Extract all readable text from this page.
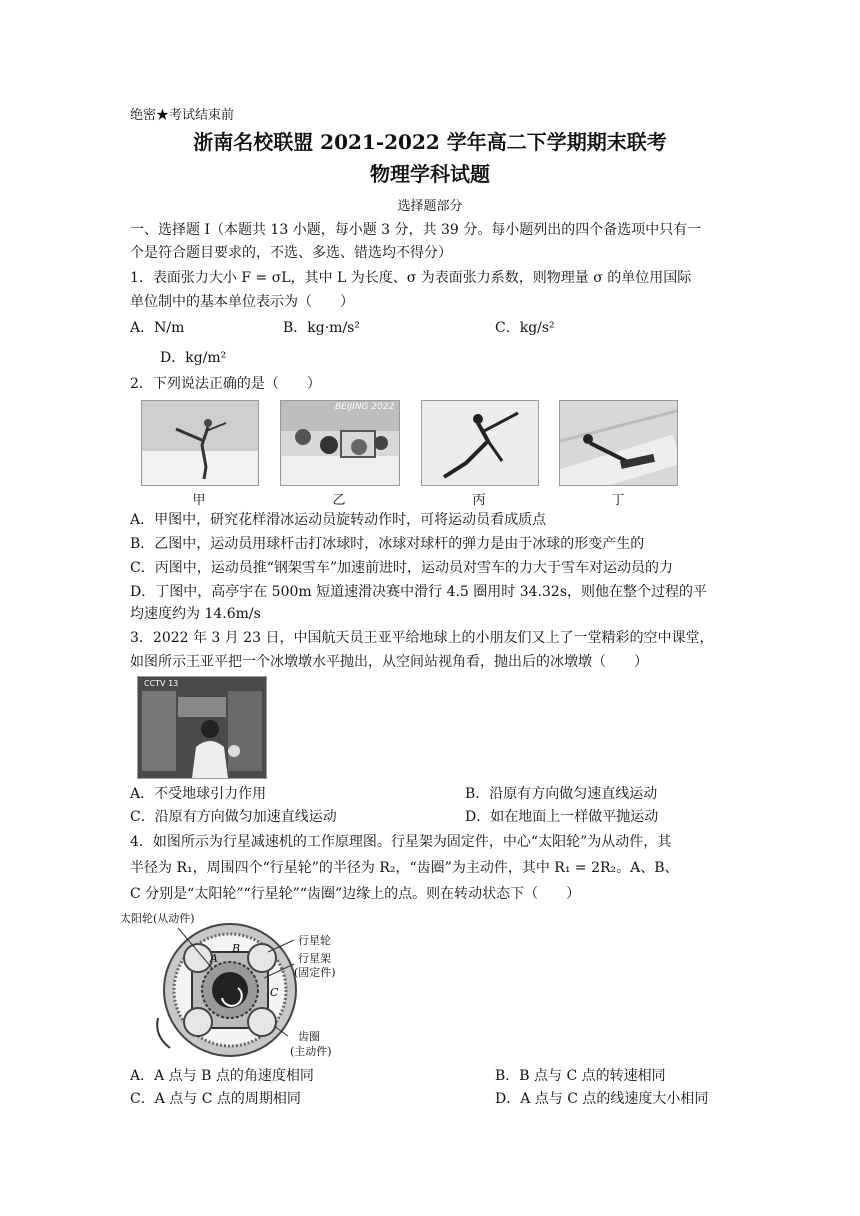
绝密★考试结束前
浙南名校联盟 2021-2022 学年高二下学期期末联考
物理学科试题
选择题部分
一、选择题 Ⅰ（本题共 13 小题，每小题 3 分，共 39 分。每小题列出的四个备选项中只有一
个是符合题目要求的，不选、多选、错选均不得分）
1．表面张力大小 F = σL，其中 L 为长度、σ 为表面张力系数，则物理量 σ 的单位用国际
单位制中的基本单位表示为（　　）
A．N/m	B．kg·m/s²	C．kg/s²
D．kg/m²
2．下列说法正确的是（　　）
BEIJING 2022
甲	乙	丙	丁
A．甲图中，研究花样滑冰运动员旋转动作时，可将运动员看成质点
B．乙图中，运动员用球杆击打冰球时，冰球对球杆的弹力是由于冰球的形变产生的
C．丙图中，运动员推“钢架雪车”加速前进时，运动员对雪车的力大于雪车对运动员的力
D．丁图中，高亭宇在 500m 短道速滑决赛中滑行 4.5 圈用时 34.32s，则他在整个过程的平
均速度约为 14.6m/s
3．2022 年 3 月 23 日，中国航天员王亚平给地球上的小朋友们又上了一堂精彩的空中课堂，
如图所示王亚平把一个冰墩墩水平抛出，从空间站视角看，抛出后的冰墩墩（　　）
CCTV 13
A．不受地球引力作用	B．沿原有方向做匀速直线运动
C．沿原有方向做匀加速直线运动	D．如在地面上一样做平抛运动
4．如图所示为行星减速机的工作原理图。行星架为固定件，中心“太阳轮”为从动件，其
半径为 R₁，周围四个“行星轮”的半径为 R₂，“齿圈”为主动件，其中 R₁ = 2R₂。A、B、
C 分别是“太阳轮”“行星轮”“齿圈”边缘上的点。则在转动状态下（　　）
太阳轮(从动件)
行星轮
行星架
(固定件)
齿圈
(主动件)
A
B
C
A．A 点与 B 点的角速度相同	B．B 点与 C 点的转速相同
C．A 点与 C 点的周期相同	D．A 点与 C 点的线速度大小相同
